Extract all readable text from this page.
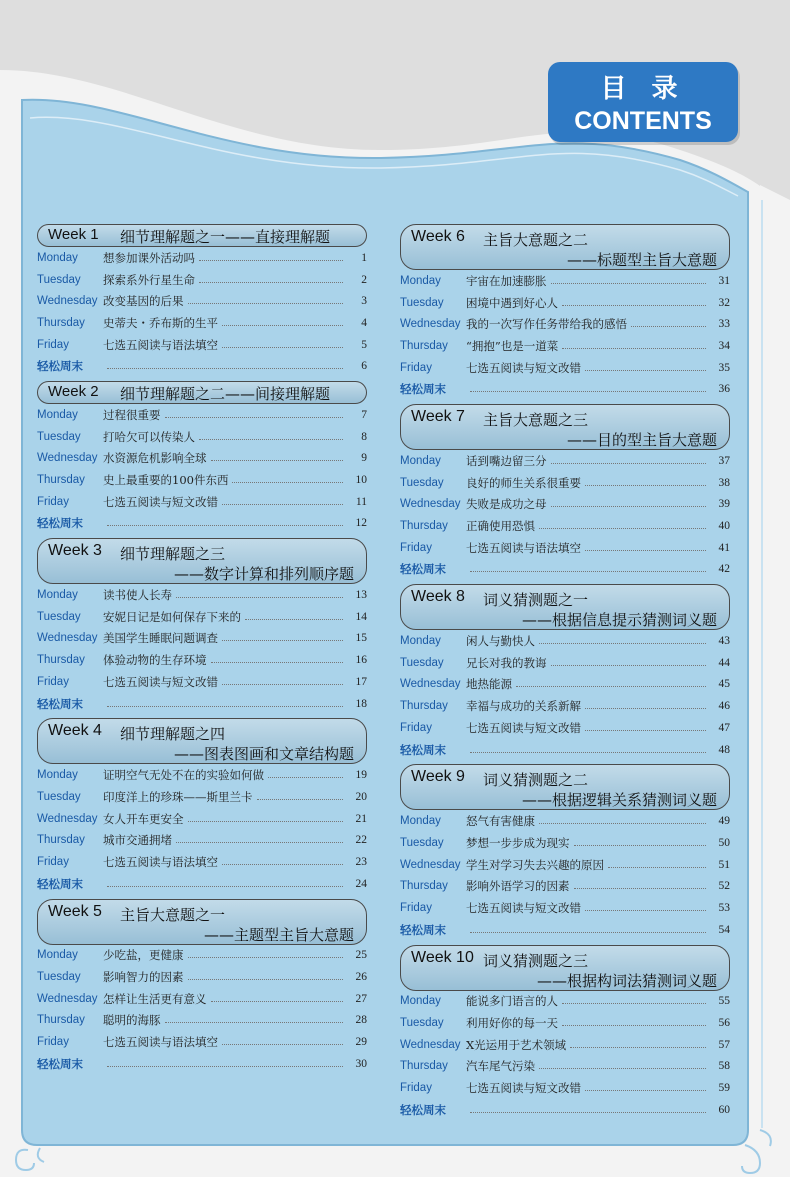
目 录
CONTENTS
Week 1 细节理解题之一——直接理解题
Monday	想参加课外活动吗	1
Tuesday	探索系外行星生命	2
Wednesday 改变基因的后果	3
Thursday	史蒂夫・乔布斯的生平	4
Friday	七选五阅读与语法填空	5
轻松周末	6
Week 2 细节理解题之二——间接理解题
Monday	过程很重要	7
Tuesday	打哈欠可以传染人	8
Wednesday 水资源危机影响全球	9
Thursday	史上最重要的100件东西	10
Friday	七选五阅读与短文改错	11
轻松周末	12
Week 3 细节理解题之三
——数字计算和排列顺序题
Monday	读书使人长寿	13
Tuesday	安妮日记是如何保存下来的	14
Wednesday 美国学生睡眠问题调查	15
Thursday	体验动物的生存环境	16
Friday	七选五阅读与短文改错	17
轻松周末	18
Week 4 细节理解题之四
——图表图画和文章结构题
Monday	证明空气无处不在的实验如何做	19
Tuesday	印度洋上的珍珠——斯里兰卡	20
Wednesday 女人开车更安全	21
Thursday	城市交通拥堵	22
Friday	七选五阅读与语法填空	23
轻松周末	24
Week 5 主旨大意题之一
——主题型主旨大意题
Monday	少吃盐，更健康	25
Tuesday	影响智力的因素	26
Wednesday 怎样让生活更有意义	27
Thursday	聪明的海豚	28
Friday	七选五阅读与语法填空	29
轻松周末	30
Week 6 主旨大意题之二
——标题型主旨大意题
Monday	宇宙在加速膨胀	31
Tuesday	困境中遇到好心人	32
Wednesday 我的一次写作任务带给我的感悟	33
Thursday	“拥抱”也是一道菜	34
Friday	七选五阅读与短文改错	35
轻松周末	36
Week 7 主旨大意题之三
——目的型主旨大意题
Monday	话到嘴边留三分	37
Tuesday	良好的师生关系很重要	38
Wednesday 失败是成功之母	39
Thursday	正确使用恐惧	40
Friday	七选五阅读与语法填空	41
轻松周末	42
Week 8 词义猜测题之一
——根据信息提示猜测词义题
Monday	闲人与勤快人	43
Tuesday	兄长对我的教诲	44
Wednesday 地热能源	45
Thursday	幸福与成功的关系新解	46
Friday	七选五阅读与短文改错	47
轻松周末	48
Week 9 词义猜测题之二
——根据逻辑关系猜测词义题
Monday	怒气有害健康	49
Tuesday	梦想一步步成为现实	50
Wednesday 学生对学习失去兴趣的原因	51
Thursday	影响外语学习的因素	52
Friday	七选五阅读与短文改错	53
轻松周末	54
Week 10 词义猜测题之三
——根据构词法猜测词义题
Monday	能说多门语言的人	55
Tuesday	利用好你的每一天	56
Wednesday X光运用于艺术领域	57
Thursday	汽车尾气污染	58
Friday	七选五阅读与短文改错	59
轻松周末	60
